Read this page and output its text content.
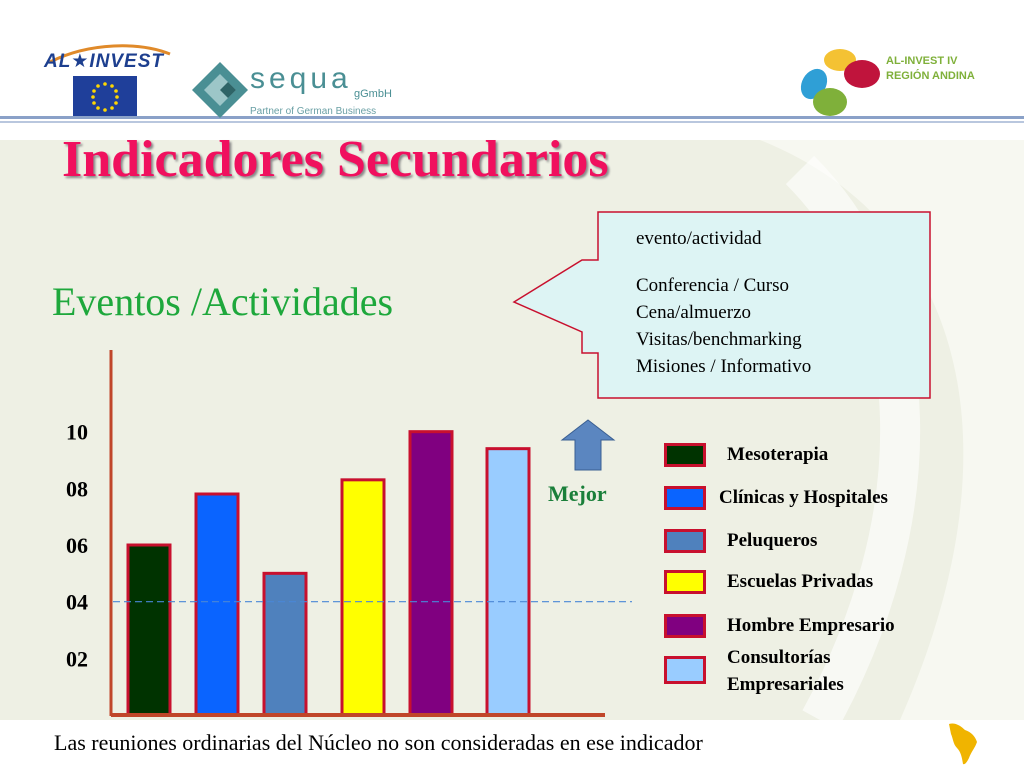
AL★INVEST
sequa gGmbH
Partner of German Business
AL-INVEST IV
REGIÓN ANDINA
Indicadores Secundarios
Eventos /Actividades
evento/actividad
Conferencia / Curso
Cena/almuerzo
Visitas/benchmarking
Misiones / Informativo
02
04
06
08
10
Mejor
Mesoterapia
Clínicas y Hospitales
Peluqueros
Escuelas Privadas
Hombre Empresario
Consultorías Empresariales
Las reuniones ordinarias del Núcleo no son consideradas en ese indicador
